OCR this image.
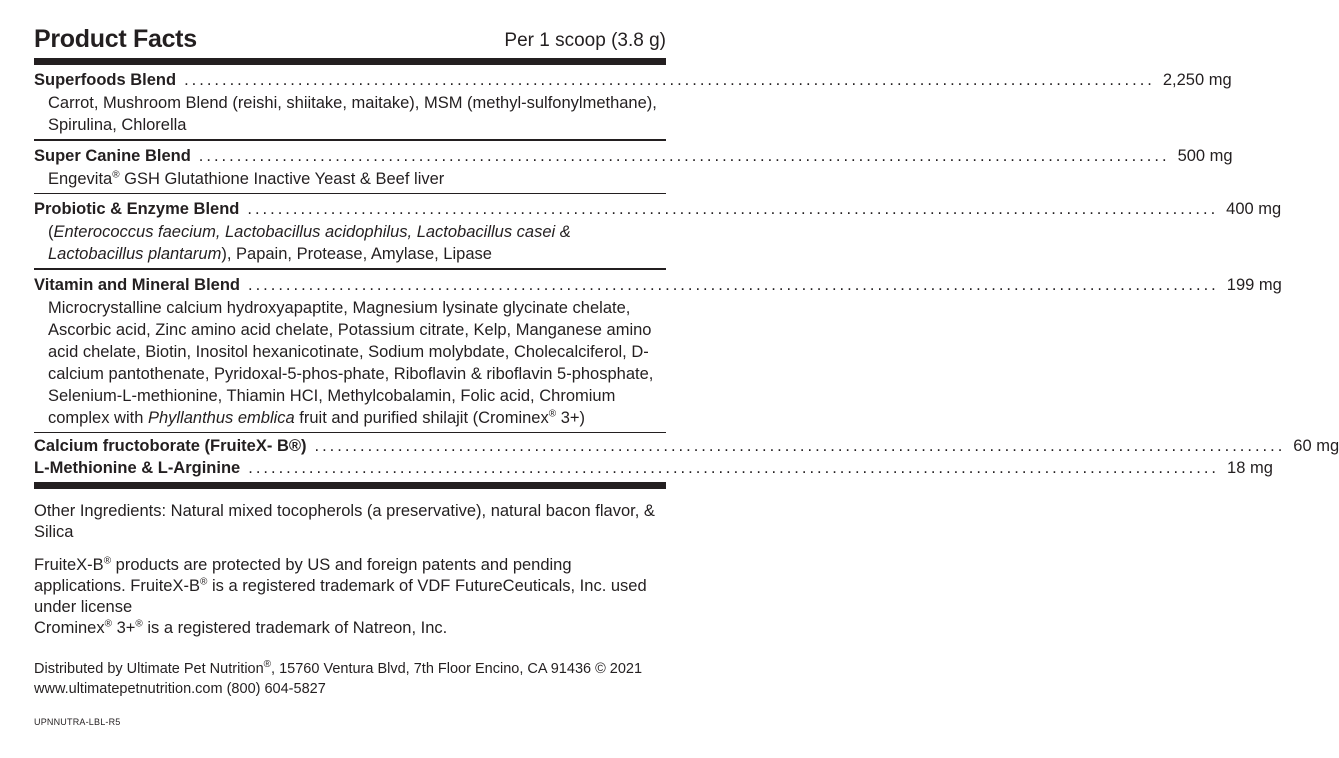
Product Facts	Per 1 scoop (3.8 g)
Superfoods Blend ................................................................................................................................ 2,250 mg
Carrot, Mushroom Blend (reishi, shiitake, maitake), MSM (methyl-sulfonylmethane), Spirulina, Chlorella
Super Canine Blend ................................................................................................................................ 500 mg
Engevita® GSH Glutathione Inactive Yeast & Beef liver
Probiotic & Enzyme Blend ................................................................................................................................ 400 mg
(Enterococcus faecium, Lactobacillus acidophilus, Lactobacillus casei & Lactobacillus plantarum), Papain, Protease, Amylase, Lipase
Vitamin and Mineral Blend ................................................................................................................................ 199 mg
Microcrystalline calcium hydroxyapaptite, Magnesium lysinate glycinate chelate, Ascorbic acid, Zinc amino acid chelate, Potassium citrate, Kelp, Manganese amino acid chelate, Biotin, Inositol hexanicotinate, Sodium molybdate, Cholecalciferol, D-calcium pantothenate, Pyridoxal-5-phos-phate, Riboflavin & riboflavin 5-phosphate, Selenium-L-methionine, Thiamin HCI, Methylcobalamin, Folic acid, Chromium complex with Phyllanthus emblica fruit and purified shilajit (Crominex® 3+)
Calcium fructoborate (FruiteX- B®) ................................................................................................................................ 60 mg
L-Methionine & L-Arginine ................................................................................................................................ 18 mg
Other Ingredients: Natural mixed tocopherols (a preservative), natural bacon flavor, & Silica
FruiteX-B® products are protected by US and foreign patents and pending applications. FruiteX-B® is a registered trademark of VDF FutureCeuticals, Inc. used under license
Crominex® 3+® is a registered trademark of Natreon, Inc.
Distributed by Ultimate Pet Nutrition®, 15760 Ventura Blvd, 7th Floor Encino, CA 91436 © 2021 www.ultimatepetnutrition.com (800) 604-5827
UPNNUTRA-LBL-R5
